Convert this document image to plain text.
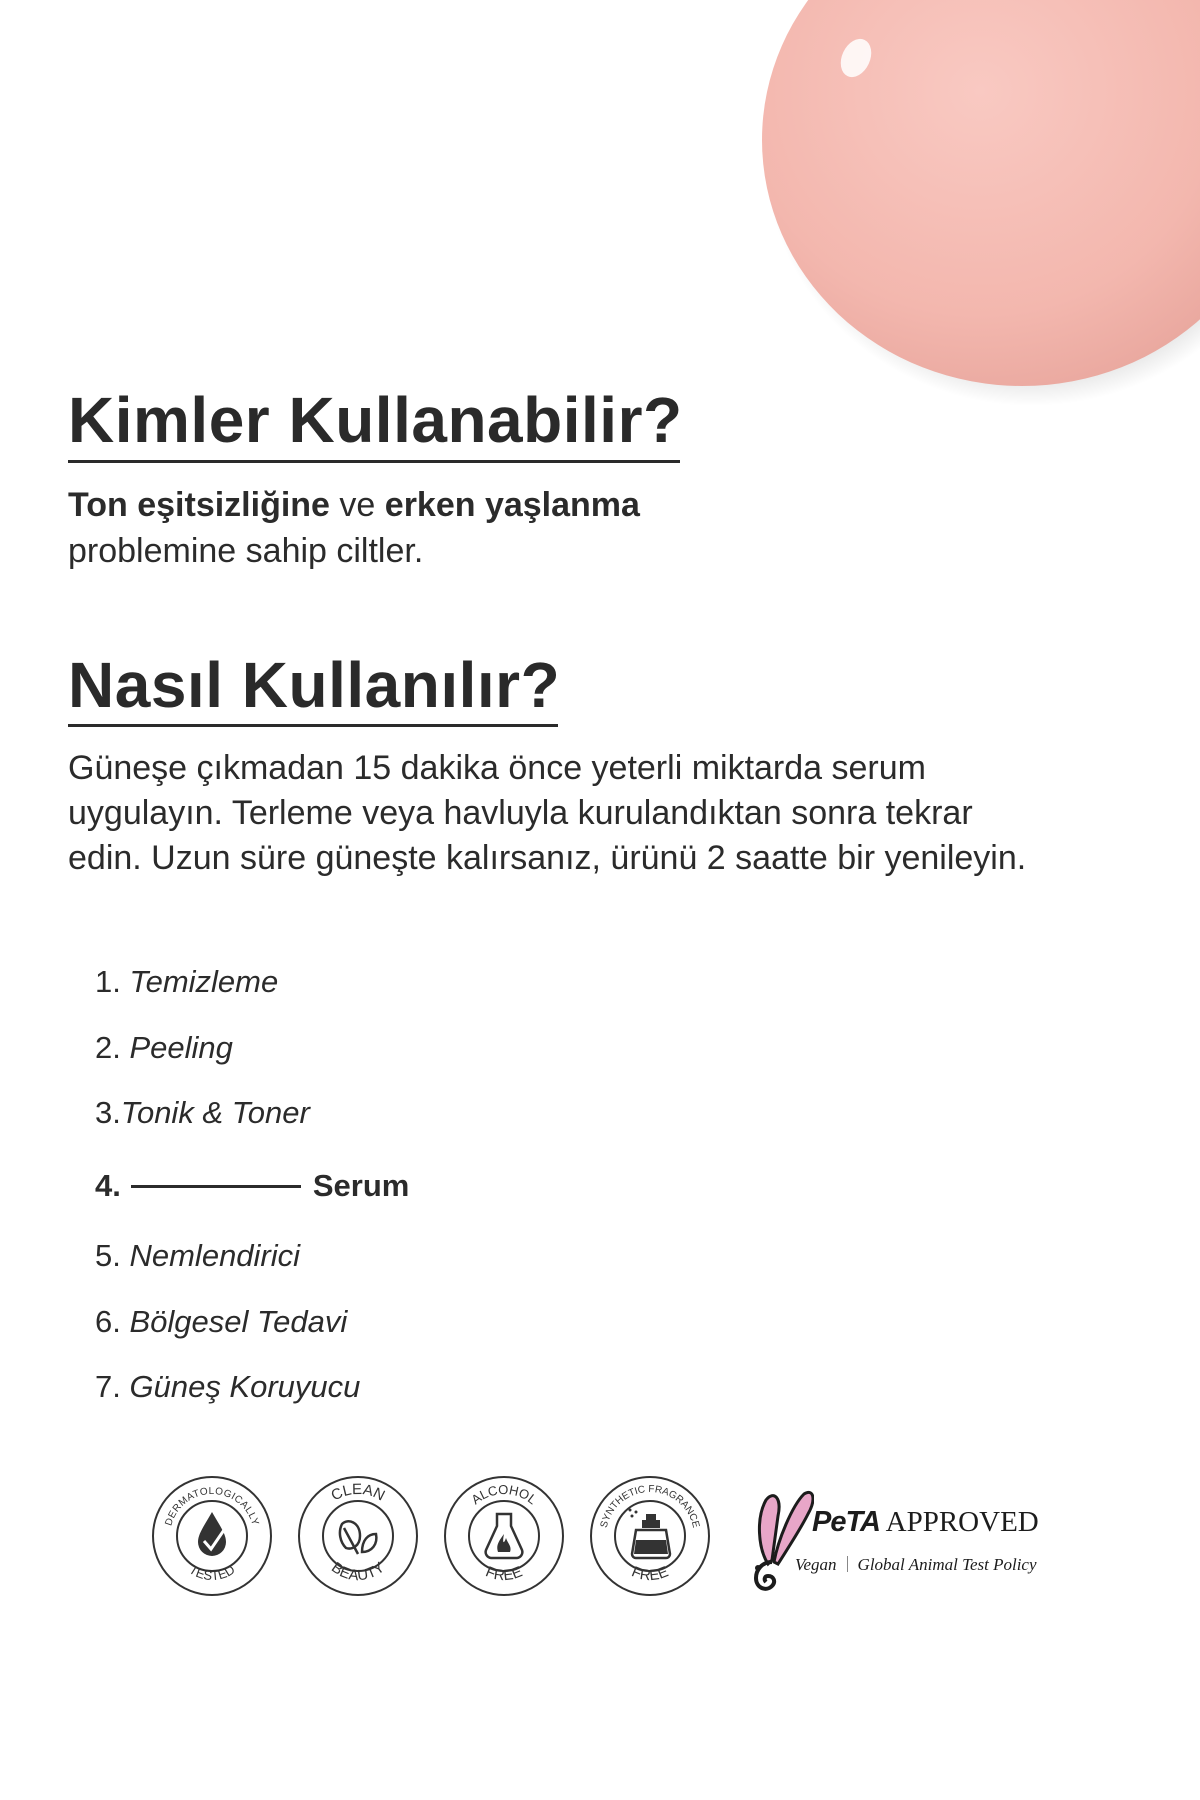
Kimler Kullanabilir?

Ton eşitsizliğine ve erken yaşlanma
problemine sahip ciltler.

Nasıl Kullanılır?

Güneşe çıkmadan 15 dakika önce yeterli miktarda serum uygulayın. Terleme veya havluyla kurulandıktan sonra tekrar edin. Uzun süre güneşte kalırsanız, ürünü 2 saatte bir yenileyin.

1. Temizleme
2. Peeling
3.Tonik & Toner
4.	Serum
5. Nemlendirici
6. Bölgesel Tedavi
7. Güneş Koruyucu
DERMATOLOGICALLY
TESTED
CLEAN
BEAUTY
ALCOHOL
FREE
SYNTHETIC FRAGRANCE
FREE

PeTA APPROVED

Vegan Global Animal Test Policy
